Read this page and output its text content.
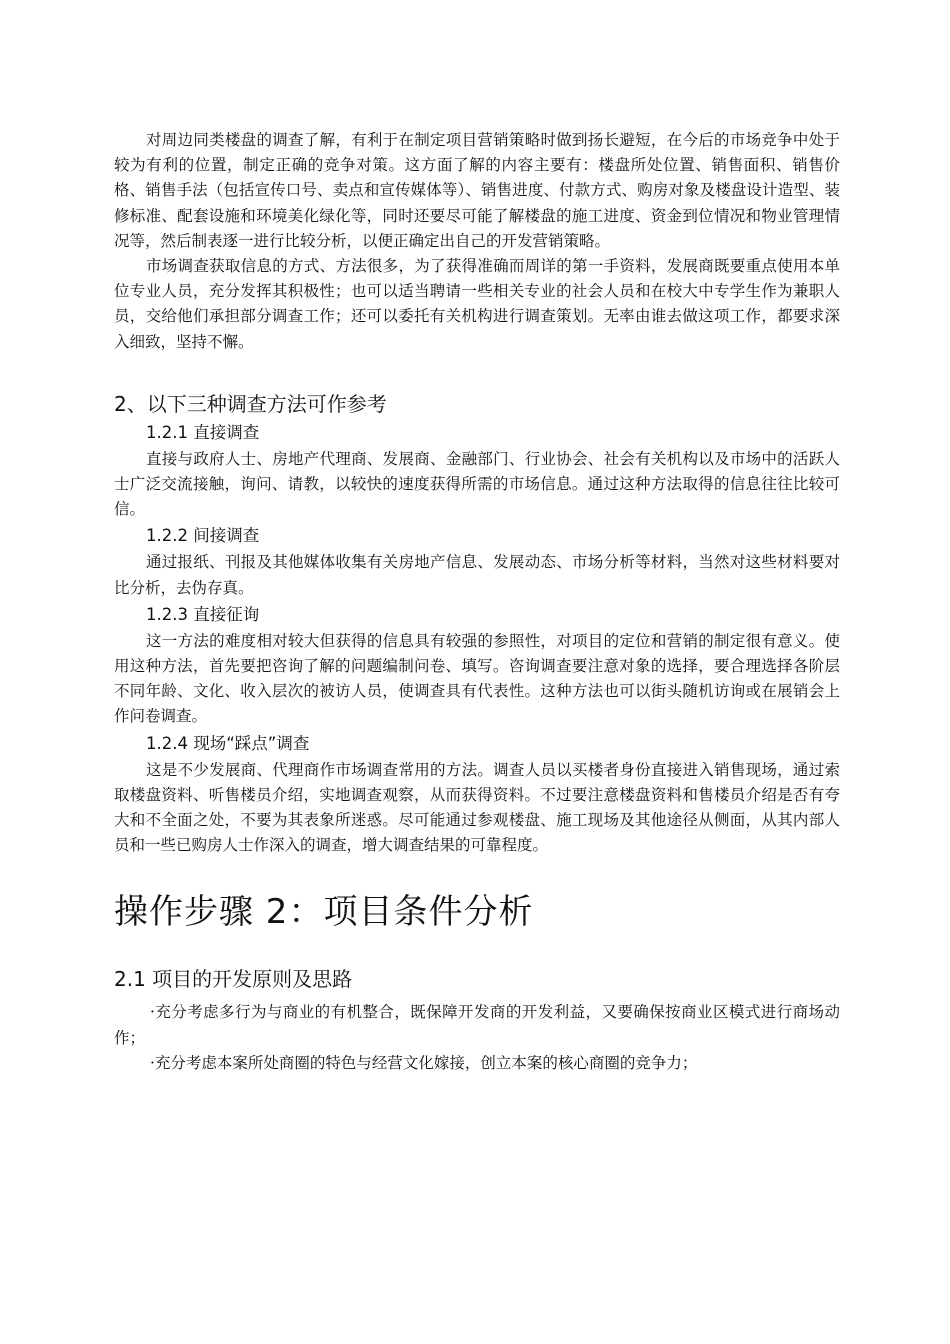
对周边同类楼盘的调查了解，有利于在制定项目营销策略时做到扬长避短，在今后的市场竞争中处于较为有利的位置，制定正确的竞争对策。这方面了解的内容主要有：楼盘所处位置、销售面积、销售价格、销售手法（包括宣传口号、卖点和宣传媒体等）、销售进度、付款方式、购房对象及楼盘设计造型、装修标准、配套设施和环境美化绿化等，同时还要尽可能了解楼盘的施工进度、资金到位情况和物业管理情况等，然后制表逐一进行比较分析，以便正确定出自己的开发营销策略。

市场调查获取信息的方式、方法很多，为了获得准确而周详的第一手资料，发展商既要重点使用本单位专业人员，充分发挥其积极性；也可以适当聘请一些相关专业的社会人员和在校大中专学生作为兼职人员，交给他们承担部分调查工作；还可以委托有关机构进行调查策划。无率由谁去做这项工作，都要求深入细致，坚持不懈。

2、以下三种调查方法可作参考
1.2.1 直接调查

直接与政府人士、房地产代理商、发展商、金融部门、行业协会、社会有关机构以及市场中的活跃人士广泛交流接触，询问、请教，以较快的速度获得所需的市场信息。通过这种方法取得的信息往往比较可信。

1.2.2 间接调查

通过报纸、刊报及其他媒体收集有关房地产信息、发展动态、市场分析等材料，当然对这些材料要对比分析，去伪存真。

1.2.3 直接征询

这一方法的难度相对较大但获得的信息具有较强的参照性，对项目的定位和营销的制定很有意义。使用这种方法，首先要把咨询了解的问题编制问卷、填写。咨询调查要注意对象的选择，要合理选择各阶层不同年龄、文化、收入层次的被访人员，使调查具有代表性。这种方法也可以街头随机访询或在展销会上作问卷调查。

1.2.4 现场“踩点”调查

这是不少发展商、代理商作市场调查常用的方法。调查人员以买楼者身份直接进入销售现场，通过索取楼盘资料、听售楼员介绍，实地调查观察，从而获得资料。不过要注意楼盘资料和售楼员介绍是否有夸大和不全面之处，不要为其表象所迷惑。尽可能通过参观楼盘、施工现场及其他途径从侧面，从其内部人员和一些已购房人士作深入的调查，增大调查结果的可靠程度。

操作步骤 2：项目条件分析
2.1 项目的开发原则及思路

·充分考虑多行为与商业的有机整合，既保障开发商的开发利益，又要确保按商业区模式进行商场动作；

·充分考虑本案所处商圈的特色与经营文化嫁接，创立本案的核心商圈的竞争力；
